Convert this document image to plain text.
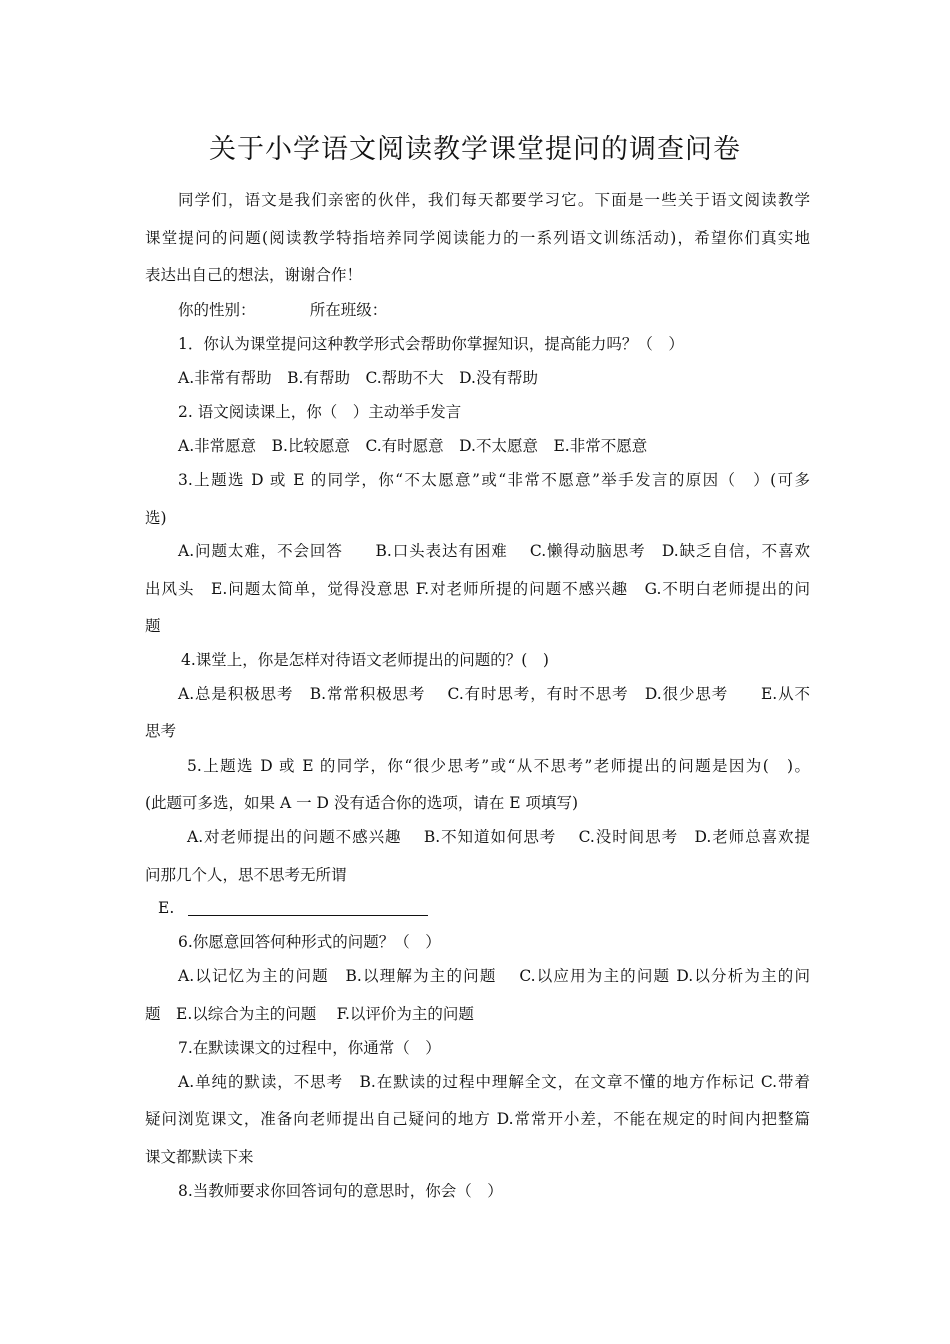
关于小学语文阅读教学课堂提问的调查问卷

同学们，语文是我们亲密的伙伴，我们每天都要学习它。下面是一些关于语文阅读教学

课堂提问的问题(阅读教学特指培养同学阅读能力的一系列语文训练活动)，希望你们真实地

表达出自己的想法，谢谢合作！

你的性别：　　　　所在班级：

1．你认为课堂提问这种教学形式会帮助你掌握知识，提高能力吗？（　）

A.非常有帮助　B.有帮助　C.帮助不大　D.没有帮助

2. 语文阅读课上，你（　）主动举手发言

A.非常愿意　B.比较愿意　C.有时愿意　D.不太愿意　E.非常不愿意

3.上题选 D 或 E 的同学，你“不太愿意”或“非常不愿意”举手发言的原因（　）(可多

选)

A.问题太难，不会回答　　B.口头表达有困难　 C.懒得动脑思考　D.缺乏自信，不喜欢

出风头　E.问题太简单，觉得没意思 F.对老师所提的问题不感兴趣　G.不明白老师提出的问

题

4.课堂上，你是怎样对待语文老师提出的问题的？(　)

A.总是积极思考　B.常常积极思考　 C.有时思考，有时不思考　D.很少思考　　E.从不

思考

5.上题选 D 或 E 的同学，你“很少思考”或“从不思考”老师提出的问题是因为(　)。

(此题可多选，如果 A 一 D 没有适合你的选项，请在 E 项填写)

A.对老师提出的问题不感兴趣　 B.不知道如何思考　 C.没时间思考　D.老师总喜欢提

问那几个人，思不思考无所谓

E.

6.你愿意回答何种形式的问题？（　）

A.以记忆为主的问题　B.以理解为主的问题　 C.以应用为主的问题 D.以分析为主的问

题　E.以综合为主的问题　 F.以评价为主的问题

7.在默读课文的过程中，你通常（　）

A.单纯的默读，不思考　B.在默读的过程中理解全文，在文章不懂的地方作标记 C.带着

疑问浏览课文，准备向老师提出自己疑问的地方 D.常常开小差，不能在规定的时间内把整篇

课文都默读下来

8.当教师要求你回答词句的意思时，你会（　）
